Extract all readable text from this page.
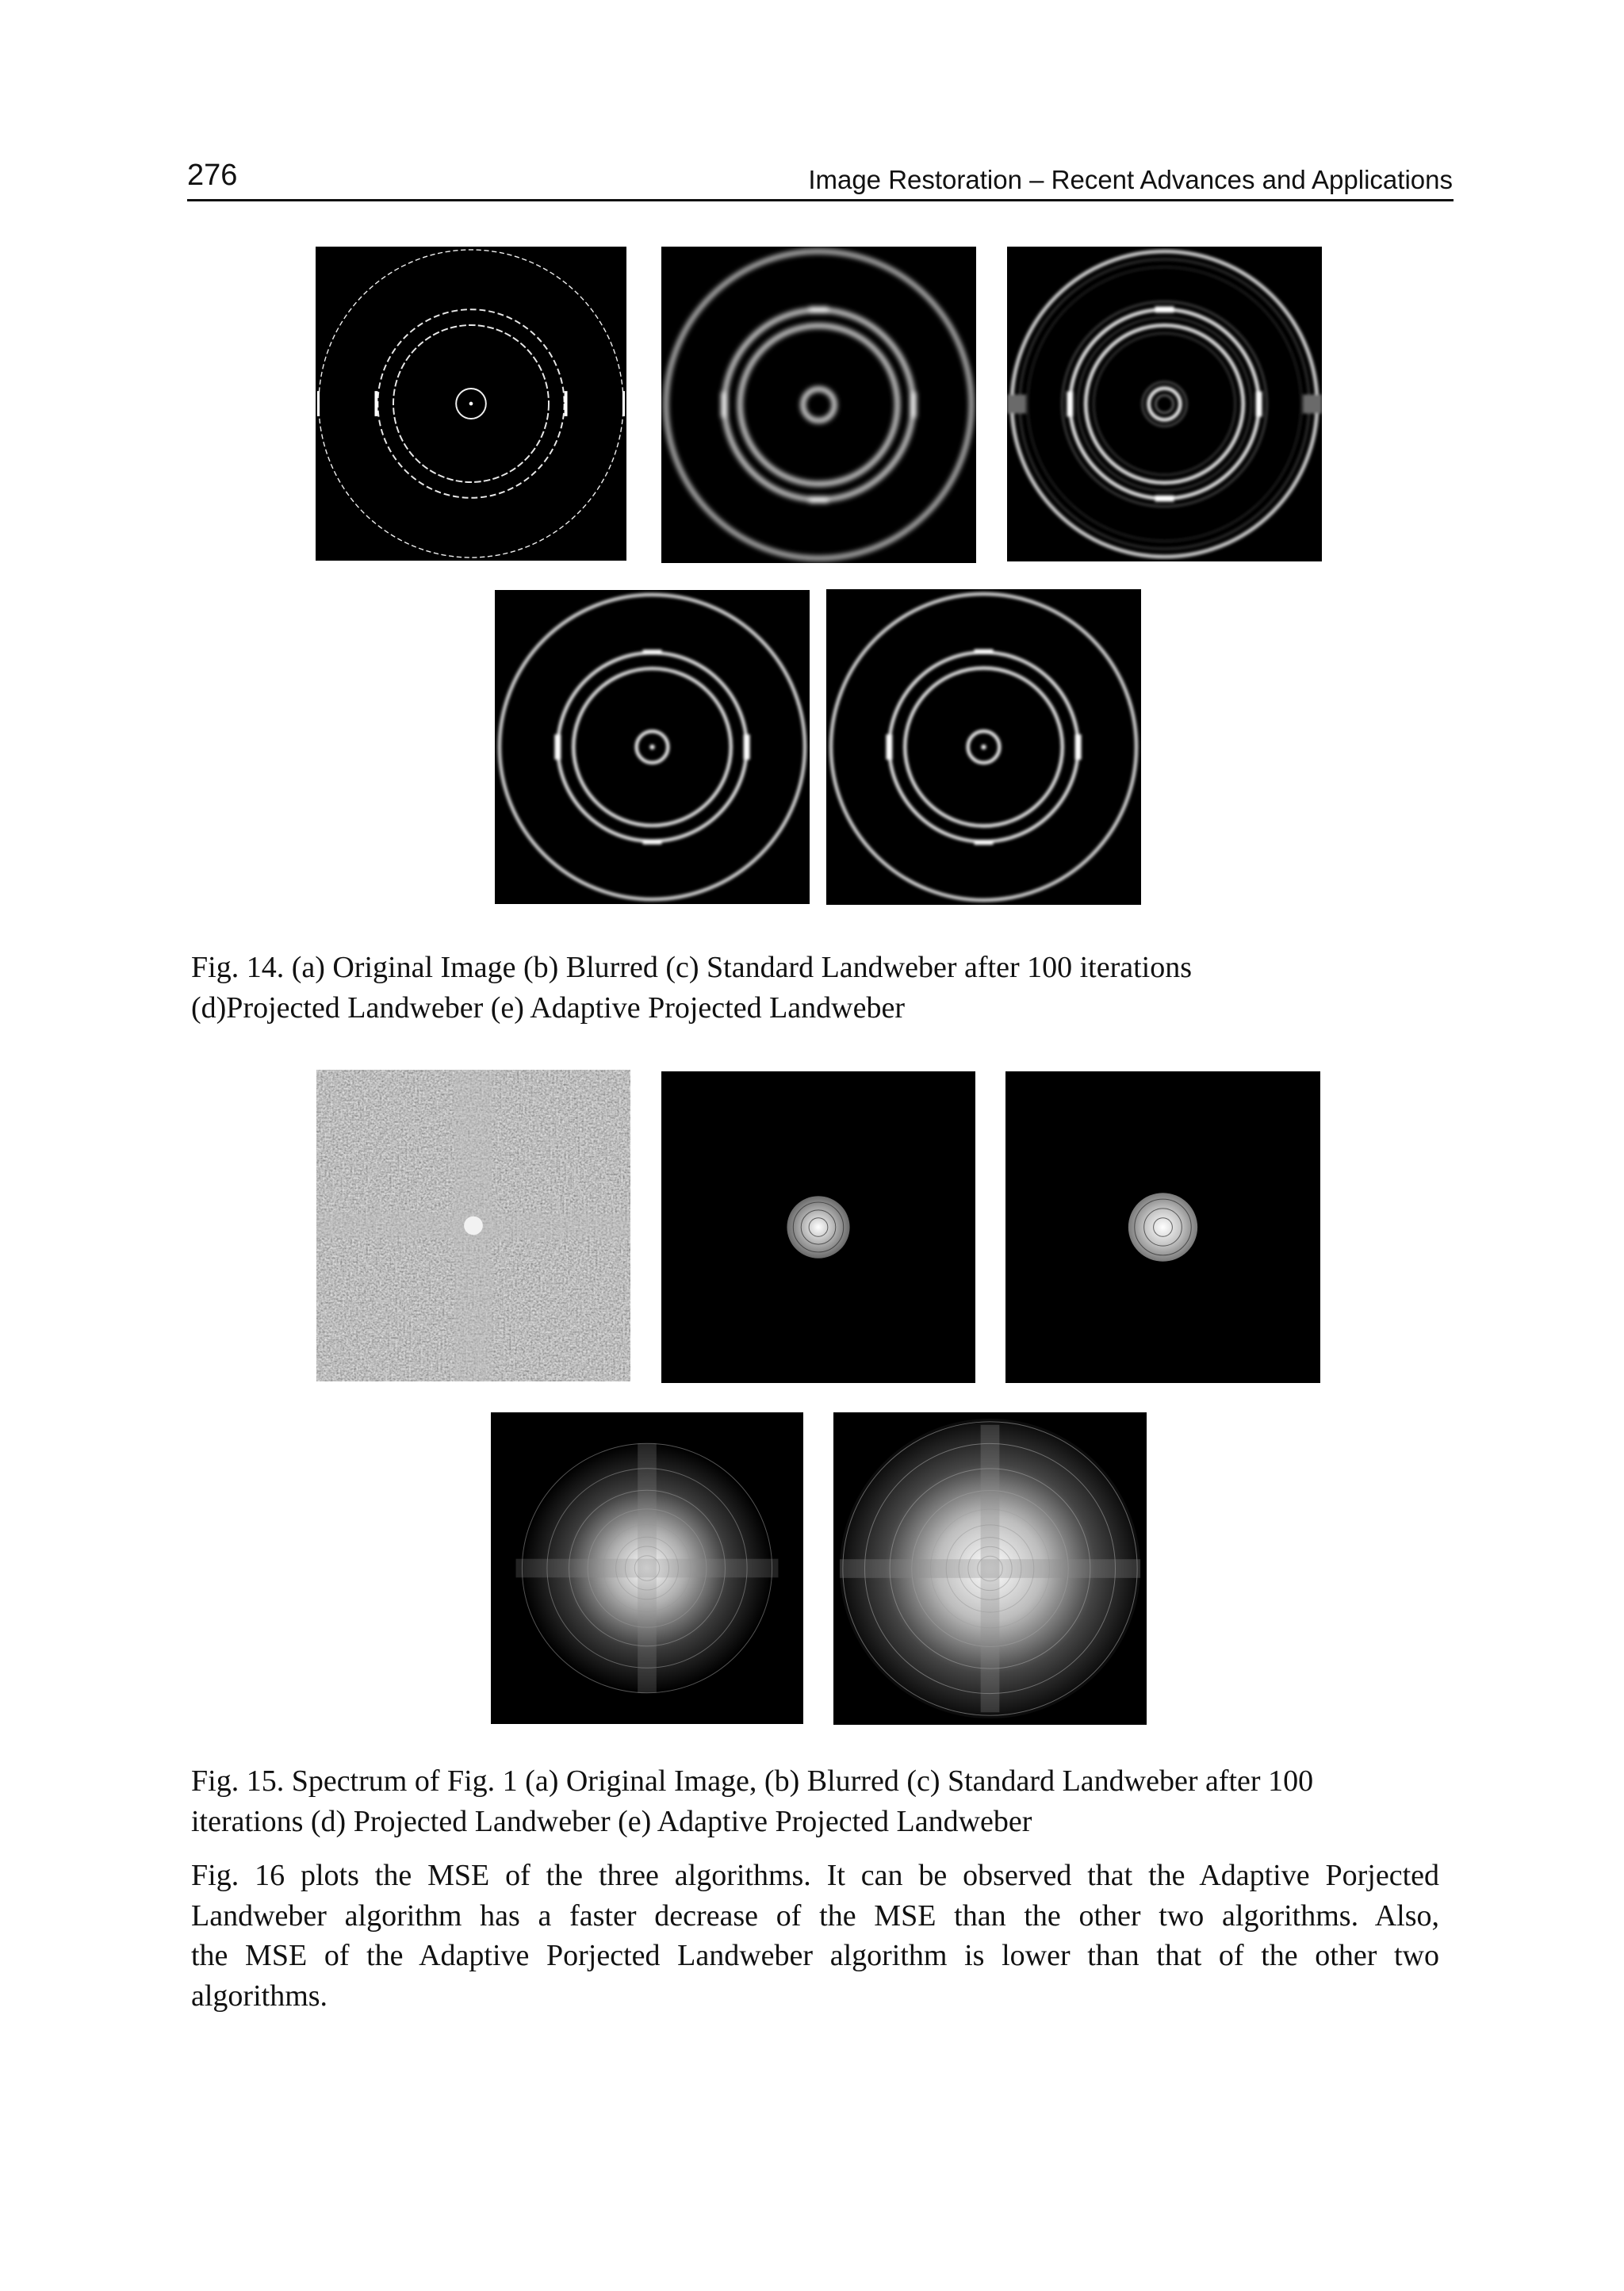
276	Image Restoration – Recent Advances and Applications

Fig. 14. (a) Original Image (b) Blurred (c) Standard Landweber after 100 iterations
(d)Projected Landweber (e) Adaptive Projected Landweber

Fig. 15. Spectrum of Fig. 1 (a) Original Image, (b) Blurred (c) Standard Landweber after 100
iterations (d) Projected Landweber (e) Adaptive Projected Landweber

Fig. 16 plots the MSE of the three algorithms. It can be observed that the Adaptive Porjected
Landweber algorithm has a faster decrease of the MSE than the other two algorithms. Also,
the MSE of the Adaptive Porjected Landweber algorithm is lower than that of the other two
algorithms.
